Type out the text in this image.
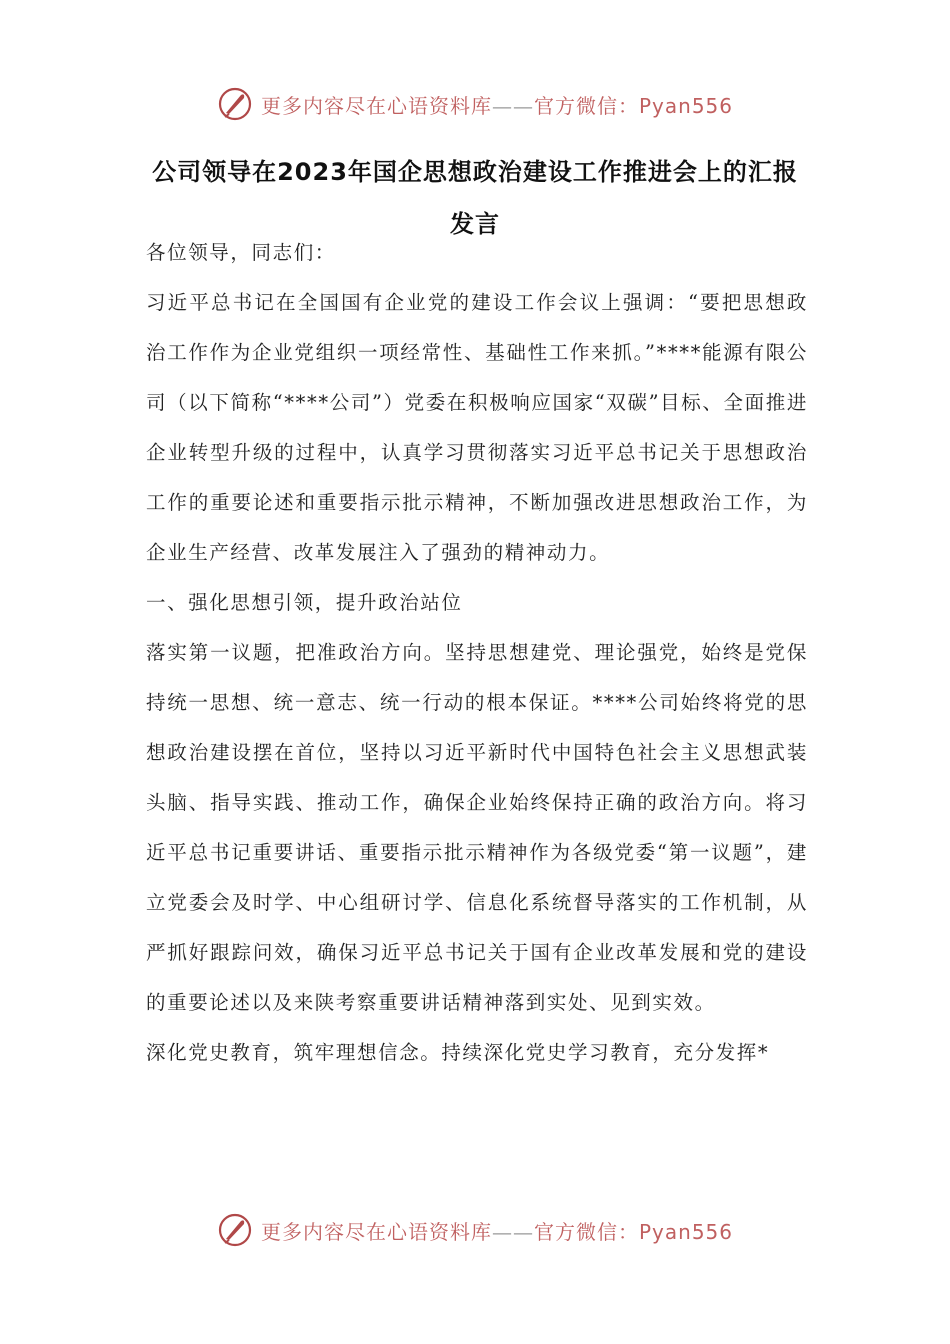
更多内容尽在心语资料库——官方微信：Pyan556
公司领导在2023年国企思想政治建设工作推进会上的汇报
发言

各位领导，同志们：

习近平总书记在全国国有企业党的建设工作会议上强调：“要把思想政治工作作为企业党组织一项经常性、基础性工作来抓。”****能源有限公司（以下简称“****公司”）党委在积极响应国家“双碳”目标、全面推进企业转型升级的过程中，认真学习贯彻落实习近平总书记关于思想政治工作的重要论述和重要指示批示精神，不断加强改进思想政治工作，为企业生产经营、改革发展注入了强劲的精神动力。

一、强化思想引领，提升政治站位

落实第一议题，把准政治方向。坚持思想建党、理论强党，始终是党保持统一思想、统一意志、统一行动的根本保证。****公司始终将党的思想政治建设摆在首位，坚持以习近平新时代中国特色社会主义思想武装头脑、指导实践、推动工作，确保企业始终保持正确的政治方向。将习近平总书记重要讲话、重要指示批示精神作为各级党委“第一议题”，建立党委会及时学、中心组研讨学、信息化系统督导落实的工作机制，从严抓好跟踪问效，确保习近平总书记关于国有企业改革发展和党的建设的重要论述以及来陕考察重要讲话精神落到实处、见到实效。

深化党史教育，筑牢理想信念。持续深化党史学习教育，充分发挥*

更多内容尽在心语资料库——官方微信：Pyan556
